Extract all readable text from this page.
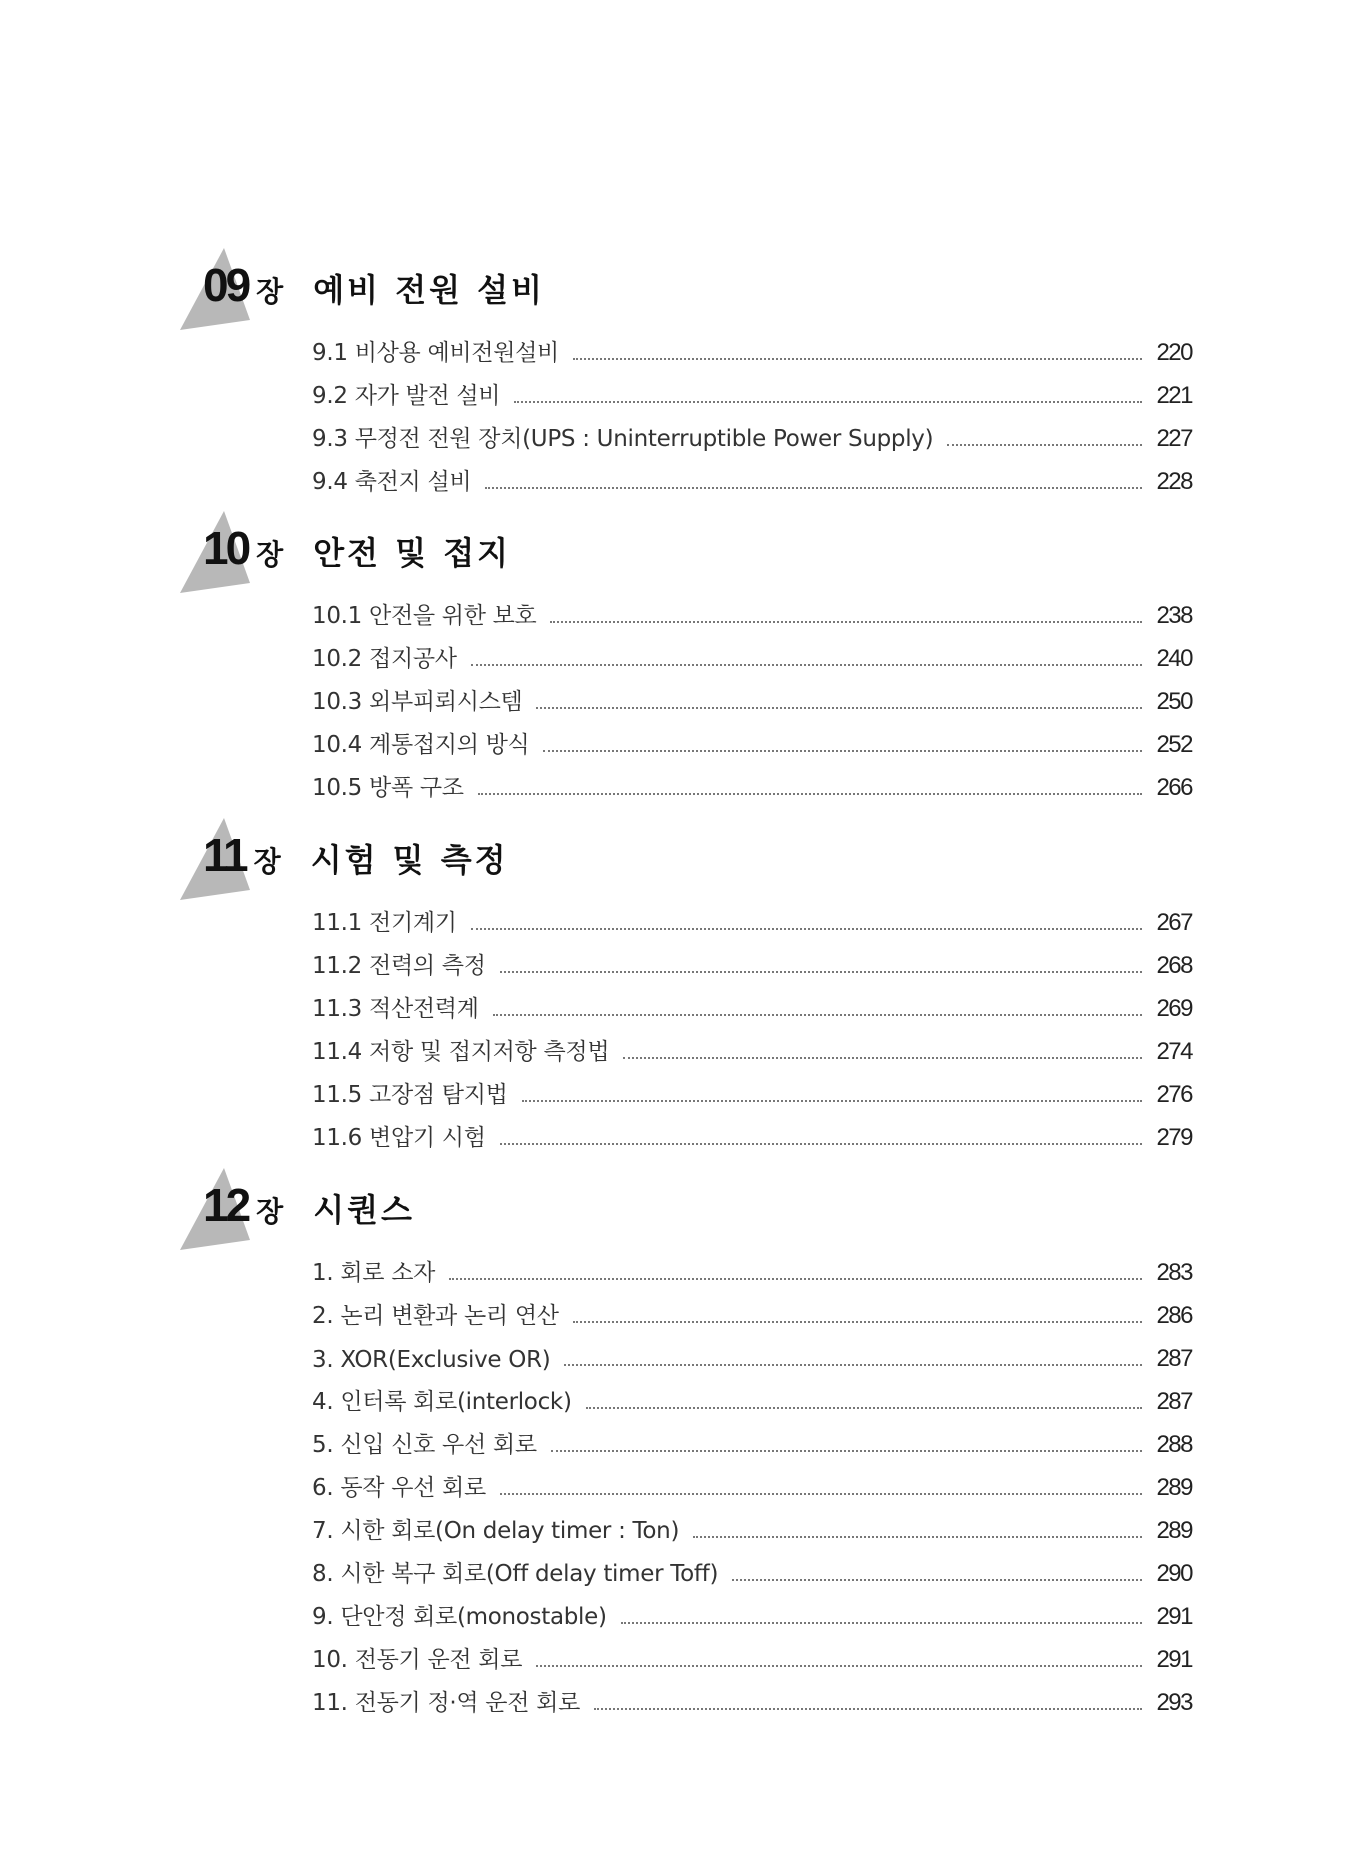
09 장 예비 전원 설비
9.1 비상용 예비전원설비	220
9.2 자가 발전 설비	221
9.3 무정전 전원 장치(UPS : Uninterruptible Power Supply)	227
9.4 축전지 설비	228
10 장 안전 및 접지
10.1 안전을 위한 보호	238
10.2 접지공사	240
10.3 외부피뢰시스템	250
10.4 계통접지의 방식	252
10.5 방폭 구조	266
11 장 시험 및 측정
11.1 전기계기	267
11.2 전력의 측정	268
11.3 적산전력계	269
11.4 저항 및 접지저항 측정법	274
11.5 고장점 탐지법	276
11.6 변압기 시험	279
12 장 시퀀스
1. 회로 소자	283
2. 논리 변환과 논리 연산	286
3. XOR(Exclusive OR)	287
4. 인터록 회로(interlock)	287
5. 신입 신호 우선 회로	288
6. 동작 우선 회로	289
7. 시한 회로(On delay timer : Ton)	289
8. 시한 복구 회로(Off delay timer Toff)	290
9. 단안정 회로(monostable)	291
10. 전동기 운전 회로	291
11. 전동기 정·역 운전 회로	293
